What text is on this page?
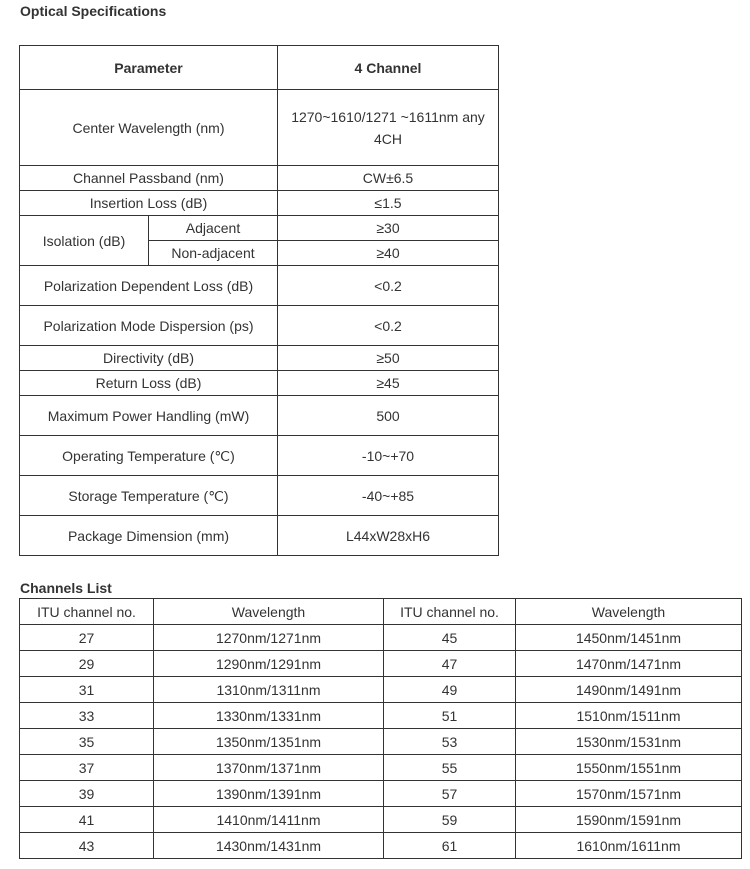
Optical Specifications
Parameter		4 Channel
Center Wavelength (nm)		1270~1610/1271 ~1611nm any 4CH
Channel Passband (nm)		CW±6.5
Insertion Loss (dB)		≤1.5
Isolation (dB)	Adjacent	≥30
	Non-adjacent	≥40
Polarization Dependent Loss (dB)		<0.2
Polarization Mode Dispersion (ps)		<0.2
Directivity (dB)		≥50
Return Loss (dB)		≥45
Maximum Power Handling (mW)		500
Operating Temperature (℃)		-10~+70
Storage Temperature (℃)		-40~+85
Package Dimension (mm)		L44xW28xH6
Channels List
ITU channel no.	Wavelength	ITU channel no.	Wavelength
27	1270nm/1271nm	45	1450nm/1451nm
29	1290nm/1291nm	47	1470nm/1471nm
31	1310nm/1311nm	49	1490nm/1491nm
33	1330nm/1331nm	51	1510nm/1511nm
35	1350nm/1351nm	53	1530nm/1531nm
37	1370nm/1371nm	55	1550nm/1551nm
39	1390nm/1391nm	57	1570nm/1571nm
41	1410nm/1411nm	59	1590nm/1591nm
43	1430nm/1431nm	61	1610nm/1611nm
